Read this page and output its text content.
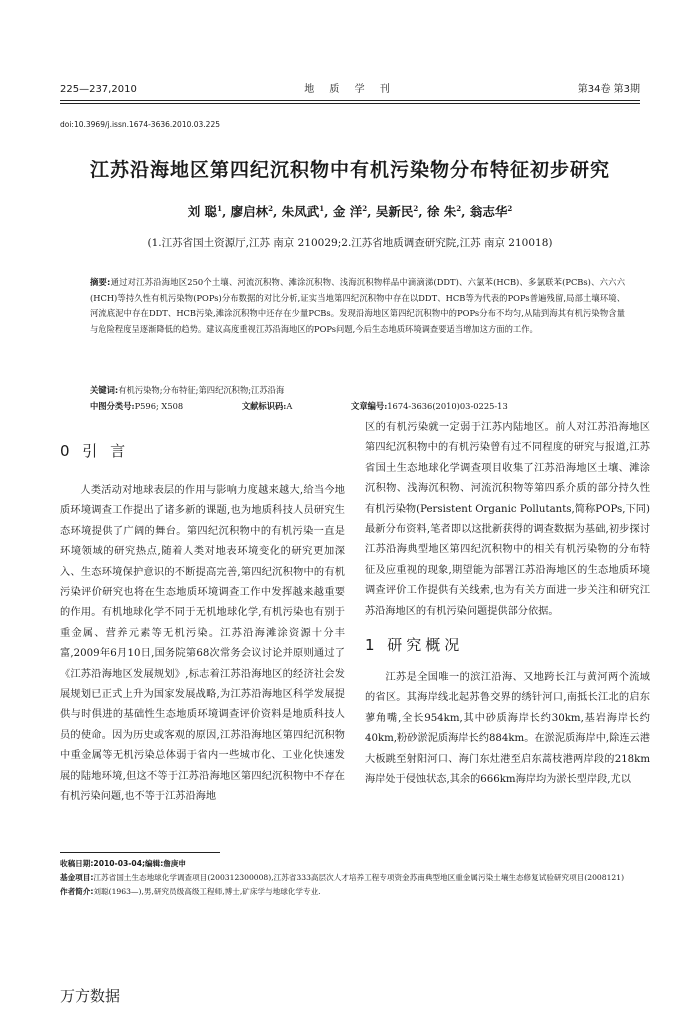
225—237,2010	地 质 学 刊	第34卷 第3期
doi:10.3969/j.issn.1674-3636.2010.03.225
江苏沿海地区第四纪沉积物中有机污染物分布特征初步研究
刘 聪$^1$, 廖启林$^2$, 朱凤武$^1$, 金 洋$^2$, 吴新民$^2$, 徐 朱$^2$, 翁志华$^2$
(1.江苏省国土资源厅,江苏 南京 210029;2.江苏省地质调查研究院,江苏 南京 210018)
摘要:通过对江苏沿海地区250个土壤、河流沉积物、滩涂沉积物、浅海沉积物样品中滴滴涕(DDT)、六氯苯(HCB)、多氯联苯(PCBs)、六六六(HCH)等持久性有机污染物(POPs)分布数据的对比分析,证实当地第四纪沉积物中存在以DDT、HCB等为代表的POPs普遍残留,局部土壤环境、河流底泥中存在DDT、HCB污染,滩涂沉积物中还存在少量PCBs。发现沿海地区第四纪沉积物中的POPs分布不均匀,从陆到海其有机污染物含量与危险程度呈逐渐降低的趋势。建议高度重视江苏沿海地区的POPs问题,今后生态地质环境调查要适当增加这方面的工作。
关键词:有机污染物;分布特征;第四纪沉积物;江苏沿海
中图分类号:P596; X508	文献标识码:A	文章编号:1674-3636(2010)03-0225-13
0 引 言

人类活动对地球表层的作用与影响力度越来越大,给当今地质环境调查工作提出了诸多新的课题,也为地质科技人员研究生态环境提供了广阔的舞台。第四纪沉积物中的有机污染一直是环境领域的研究热点,随着人类对地表环境变化的研究更加深入、生态环境保护意识的不断提高完善,第四纪沉积物中的有机污染评价研究也将在生态地质环境调查工作中发挥越来越重要的作用。有机地球化学不同于无机地球化学,有机污染也有别于重金属、营养元素等无机污染。江苏沿海滩涂资源十分丰富,2009年6月10日,国务院第68次常务会议讨论并原则通过了《江苏沿海地区发展规划》,标志着江苏沿海地区的经济社会发展规划已正式上升为国家发展战略,为江苏沿海地区科学发展提供与时俱进的基础性生态地质环境调查评价资料是地质科技人员的使命。因为历史或客观的原因,江苏沿海地区第四纪沉积物中重金属等无机污染总体弱于省内一些城市化、工业化快速发展的陆地环境,但这不等于江苏沿海地区第四纪沉积物中不存在有机污染问题,也不等于江苏沿海地

区的有机污染就一定弱于江苏内陆地区。前人对江苏沿海地区第四纪沉积物中的有机污染曾有过不同程度的研究与报道,江苏省国土生态地球化学调查项目收集了江苏沿海地区土壤、滩涂沉积物、浅海沉积物、河流沉积物等第四系介质的部分持久性有机污染物(Persistent Organic Pollutants,简称POPs,下同)最新分布资料,笔者即以这批新获得的调查数据为基础,初步探讨江苏沿海典型地区第四纪沉积物中的相关有机污染物的分布特征及应重视的现象,期望能为部署江苏沿海地区的生态地质环境调查评价工作提供有关线索,也为有关方面进一步关注和研究江苏沿海地区的有机污染问题提供部分依据。

1 研究概况

江苏是全国唯一的滨江沿海、又地跨长江与黄河两个流域的省区。其海岸线北起苏鲁交界的绣针河口,南抵长江北的启东蓼角嘴,全长954km,其中砂质海岸长约30km,基岩海岸长约40km,粉砂淤泥质海岸长约884km。在淤泥质海岸中,除连云港大板跳至射阳河口、海门东灶港至启东蒿枝港两岸段的218km海岸处于侵蚀状态,其余的666km海岸均为淤长型岸段,尤以

收稿日期:2010-03-04;编辑:詹庚申
基金项目:江苏省国土生态地球化学调查项目(200312300008),江苏省333高层次人才培养工程专项资金苏南典型地区重金属污染土壤生态修复试验研究项目(2008121)
作者简介:刘聪(1963—),男,研究员级高级工程师,博士,矿床学与地球化学专业.
万方数据
